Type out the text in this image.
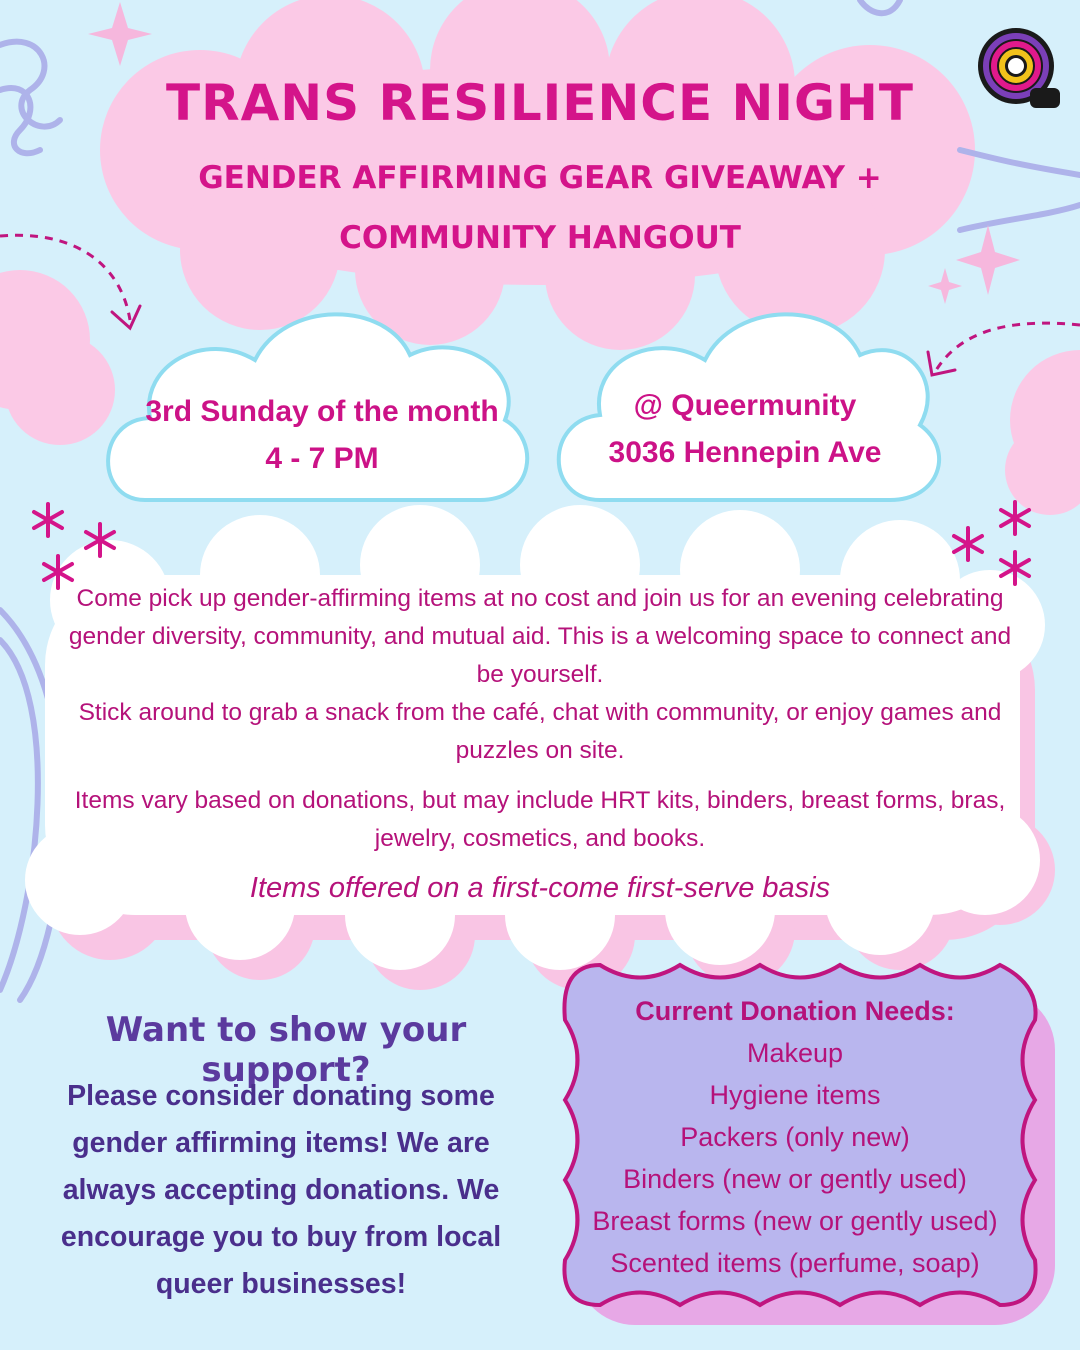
TRANS RESILIENCE NIGHT
GENDER AFFIRMING GEAR GIVEAWAY +
COMMUNITY HANGOUT
3rd Sunday of the month
4 - 7 PM
@ Queermunity
3036 Hennepin Ave

Come pick up gender-affirming items at no cost and join us for an evening celebrating gender diversity, community, and mutual aid. This is a welcoming space to connect and be yourself.

Stick around to grab a snack from the café, chat with community, or enjoy games and puzzles on site.

Items vary based on donations, but may include HRT kits, binders, breast forms, bras, jewelry, cosmetics, and books.

Items offered on a first-come first-serve basis

Want to show your support?
Please consider donating some gender affirming items! We are always accepting donations. We encourage you to buy from local queer businesses!
Current Donation Needs:
Makeup
Hygiene items
Packers (only new)
Binders (new or gently used)
Breast forms (new or gently used)
Scented items (perfume, soap)
